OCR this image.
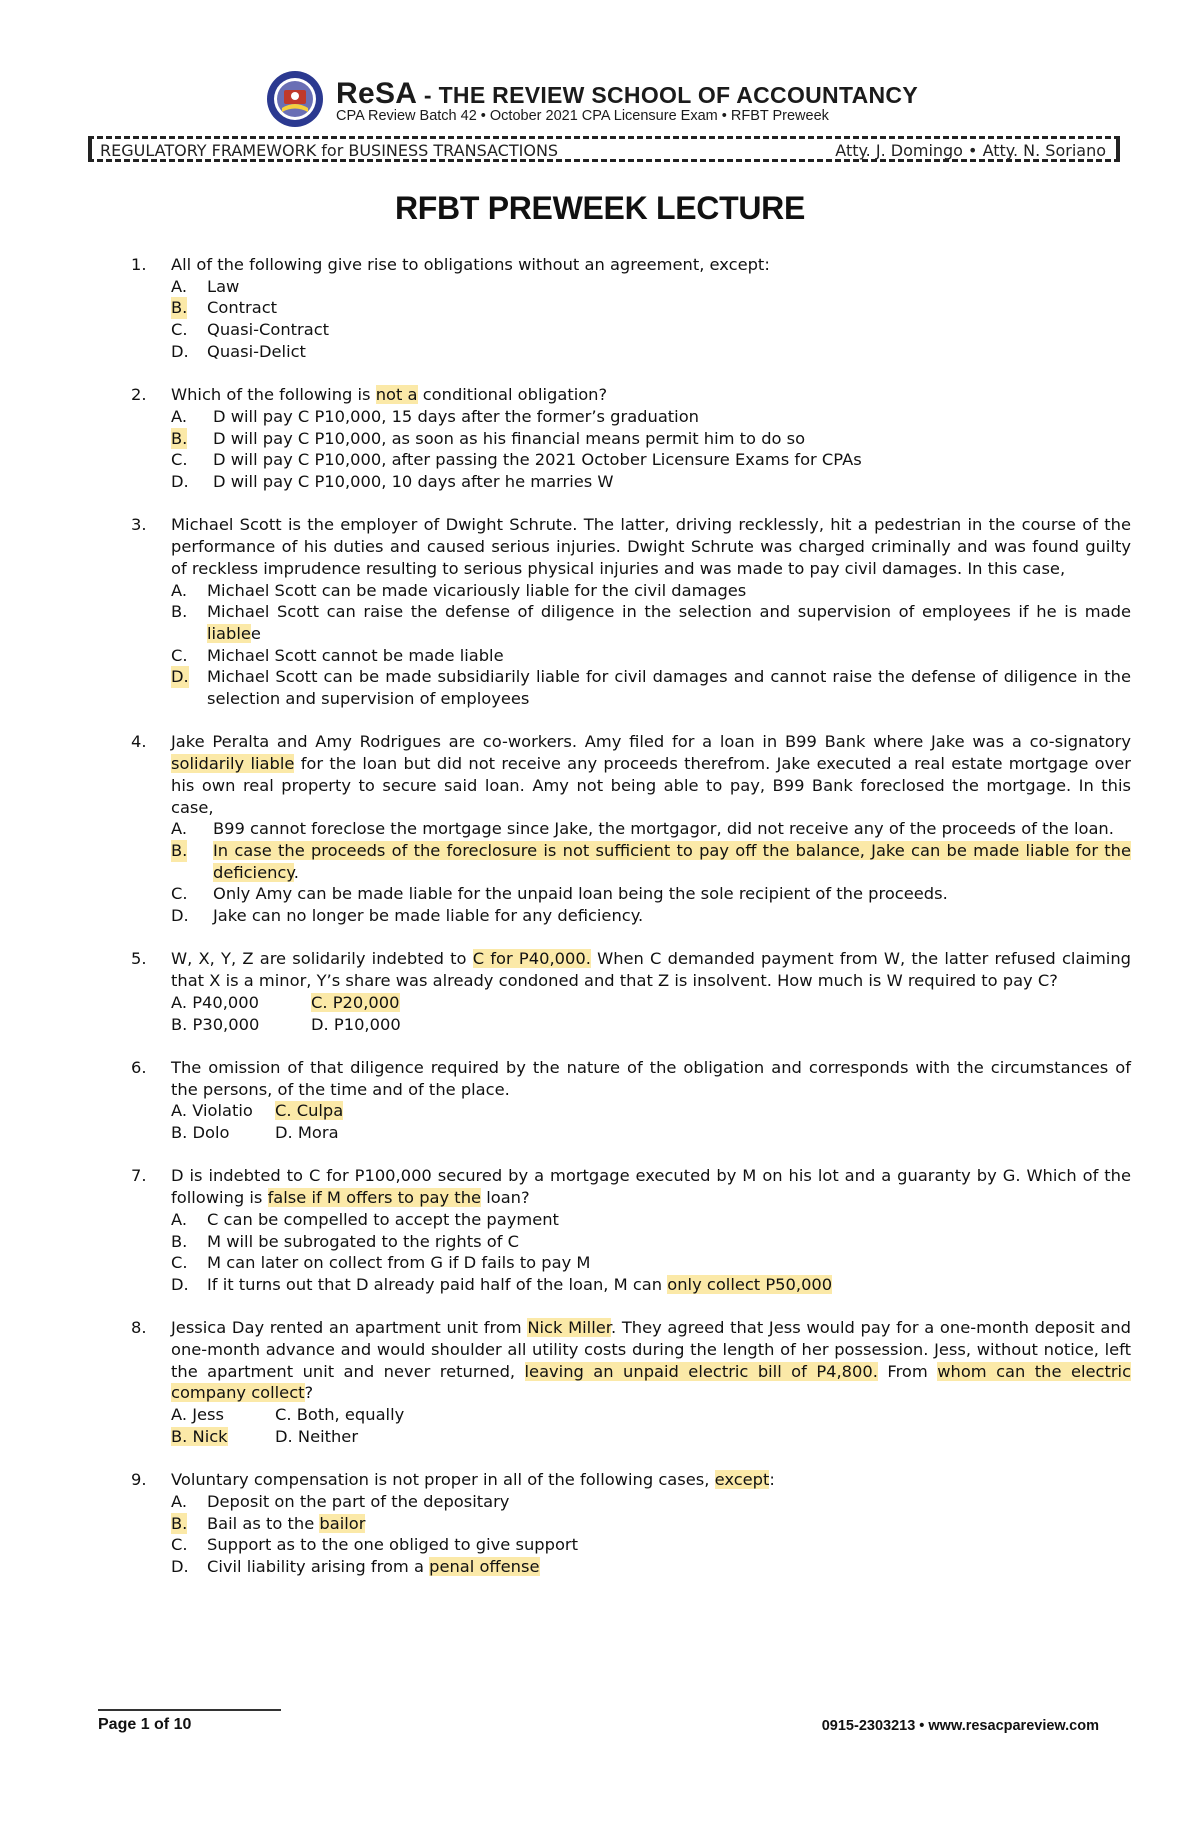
ReSA - THE REVIEW SCHOOL OF ACCOUNTANCY
CPA Review Batch 42 • October 2021 CPA Licensure Exam • RFBT Preweek
REGULATORY FRAMEWORK for BUSINESS TRANSACTIONS	Atty. J. Domingo • Atty. N. Soriano
RFBT PREWEEK LECTURE
1. All of the following give rise to obligations without an agreement, except:
A. Law
B. Contract
C. Quasi-Contract
D. Quasi-Delict
2. Which of the following is not a conditional obligation?
A. D will pay C P10,000, 15 days after the former’s graduation
B. D will pay C P10,000, as soon as his financial means permit him to do so
C. D will pay C P10,000, after passing the 2021 October Licensure Exams for CPAs
D. D will pay C P10,000, 10 days after he marries W
3. Michael Scott is the employer of Dwight Schrute. The latter, driving recklessly, hit a pedestrian in the course of the performance of his duties and caused serious injuries. Dwight Schrute was charged criminally and was found guilty of reckless imprudence resulting to serious physical injuries and was made to pay civil damages. In this case,
A. Michael Scott can be made vicariously liable for the civil damages
B. Michael Scott can raise the defense of diligence in the selection and supervision of employees if he is made liablee
C. Michael Scott cannot be made liable
D. Michael Scott can be made subsidiarily liable for civil damages and cannot raise the defense of diligence in the selection and supervision of employees
4. Jake Peralta and Amy Rodrigues are co-workers. Amy filed for a loan in B99 Bank where Jake was a co-signatory solidarily liable for the loan but did not receive any proceeds therefrom. Jake executed a real estate mortgage over his own real property to secure said loan. Amy not being able to pay, B99 Bank foreclosed the mortgage. In this case,
A. B99 cannot foreclose the mortgage since Jake, the mortgagor, did not receive any of the proceeds of the loan.
B. In case the proceeds of the foreclosure is not sufficient to pay off the balance, Jake can be made liable for the deficiency.
C. Only Amy can be made liable for the unpaid loan being the sole recipient of the proceeds.
D. Jake can no longer be made liable for any deficiency.
5. W, X, Y, Z are solidarily indebted to C for P40,000. When C demanded payment from W, the latter refused claiming that X is a minor, Y’s share was already condoned and that Z is insolvent. How much is W required to pay C?
A. P40,000	C. P20,000
B. P30,000	D. P10,000
6. The omission of that diligence required by the nature of the obligation and corresponds with the circumstances of the persons, of the time and of the place.
A. Violatio	C. Culpa
B. Dolo	D. Mora
7. D is indebted to C for P100,000 secured by a mortgage executed by M on his lot and a guaranty by G. Which of the following is false if M offers to pay the loan?
A. C can be compelled to accept the payment
B. M will be subrogated to the rights of C
C. M can later on collect from G if D fails to pay M
D. If it turns out that D already paid half of the loan, M can only collect P50,000
8. Jessica Day rented an apartment unit from Nick Miller. They agreed that Jess would pay for a one-month deposit and one-month advance and would shoulder all utility costs during the length of her possession. Jess, without notice, left the apartment unit and never returned, leaving an unpaid electric bill of P4,800. From whom can the electric company collect?
A. Jess	C. Both, equally
B. Nick	D. Neither
9. Voluntary compensation is not proper in all of the following cases, except:
A. Deposit on the part of the depositary
B. Bail as to the bailor
C. Support as to the one obliged to give support
D. Civil liability arising from a penal offense
Page 1 of 10	0915-2303213 • www.resacpareview.com
